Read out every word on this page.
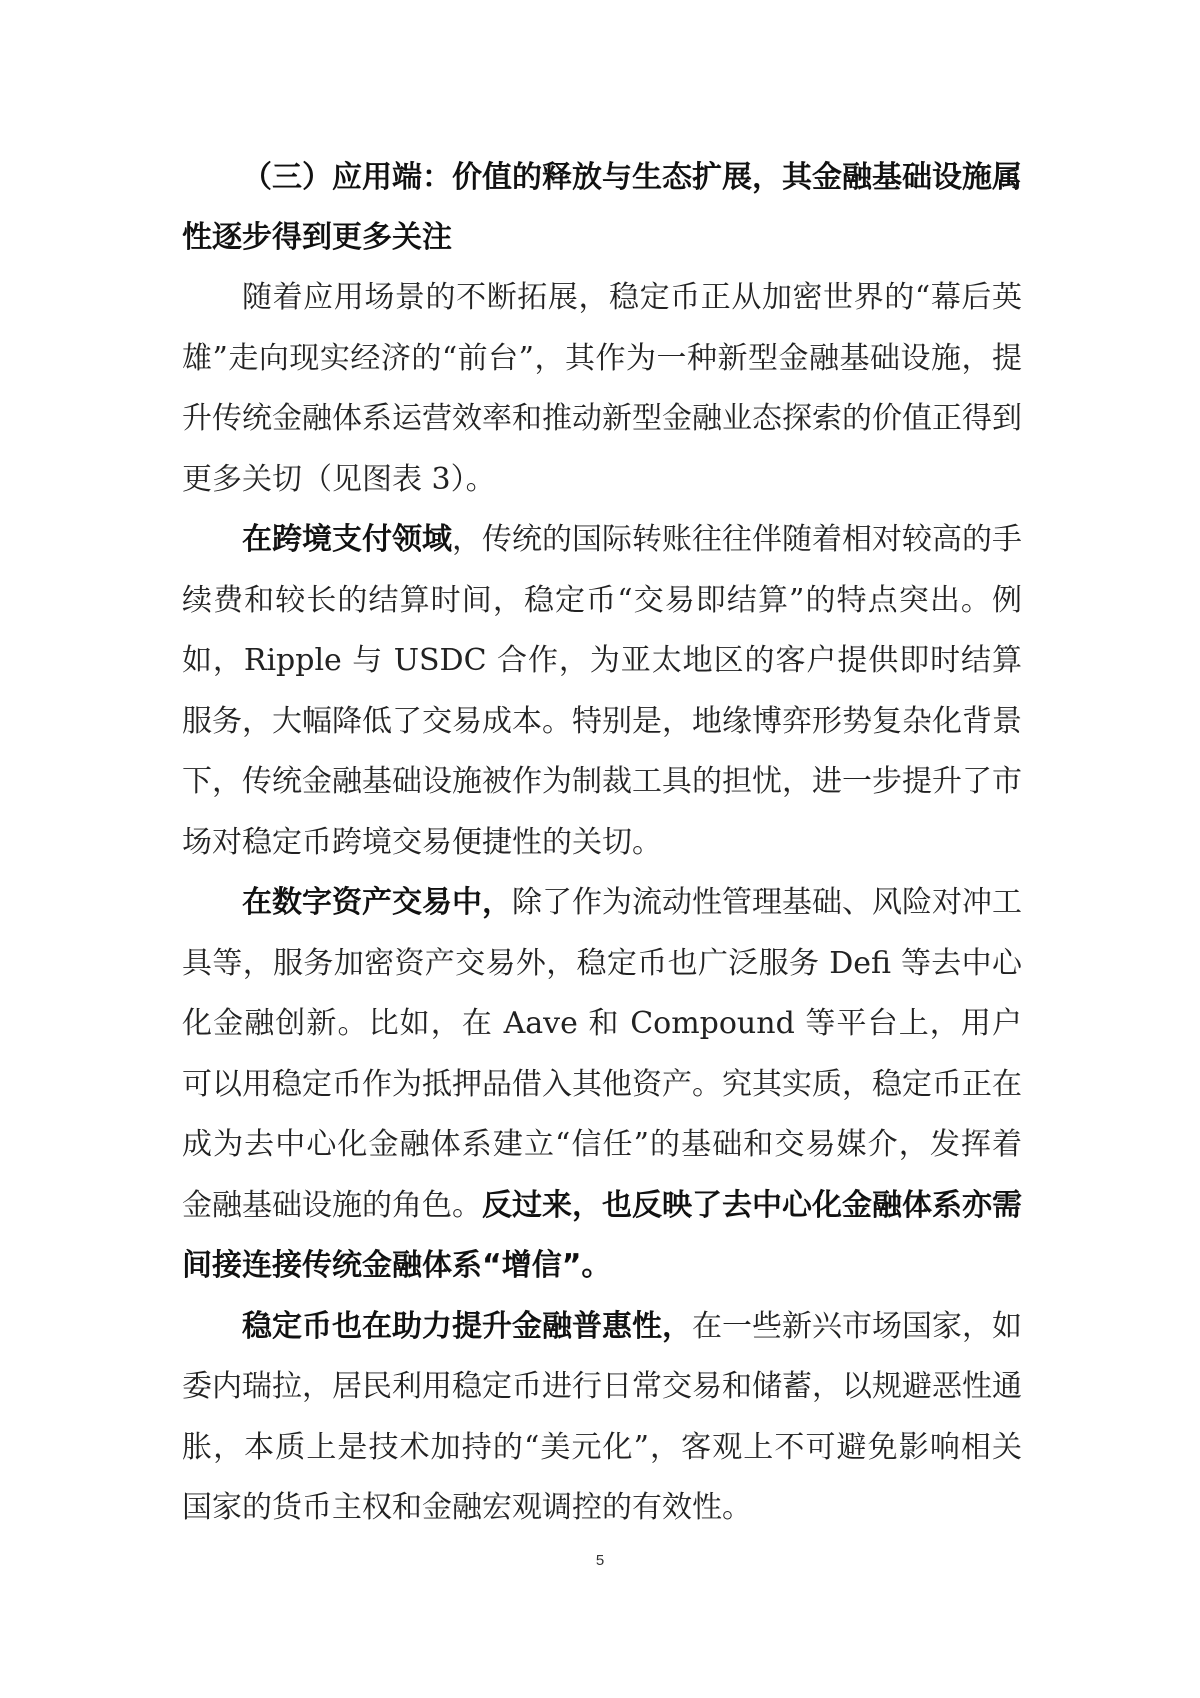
（三）应用端：价值的释放与生态扩展，其金融基础设施属性逐步得到更多关注

随着应用场景的不断拓展，稳定币正从加密世界的“幕后英雄”走向现实经济的“前台”，其作为一种新型金融基础设施，提升传统金融体系运营效率和推动新型金融业态探索的价值正得到更多关切（见图表 3）。

在跨境支付领域，传统的国际转账往往伴随着相对较高的手续费和较长的结算时间，稳定币“交易即结算”的特点突出。例如，Ripple 与 USDC 合作，为亚太地区的客户提供即时结算服务，大幅降低了交易成本。特别是，地缘博弈形势复杂化背景下，传统金融基础设施被作为制裁工具的担忧，进一步提升了市场对稳定币跨境交易便捷性的关切。

在数字资产交易中，除了作为流动性管理基础、风险对冲工具等，服务加密资产交易外，稳定币也广泛服务 Defi 等去中心化金融创新。比如，在 Aave 和 Compound 等平台上，用户可以用稳定币作为抵押品借入其他资产。究其实质，稳定币正在成为去中心化金融体系建立“信任”的基础和交易媒介，发挥着金融基础设施的角色。反过来，也反映了去中心化金融体系亦需间接连接传统金融体系“增信”。

稳定币也在助力提升金融普惠性，在一些新兴市场国家，如委内瑞拉，居民利用稳定币进行日常交易和储蓄，以规避恶性通胀，本质上是技术加持的“美元化”，客观上不可避免影响相关国家的货币主权和金融宏观调控的有效性。

5
